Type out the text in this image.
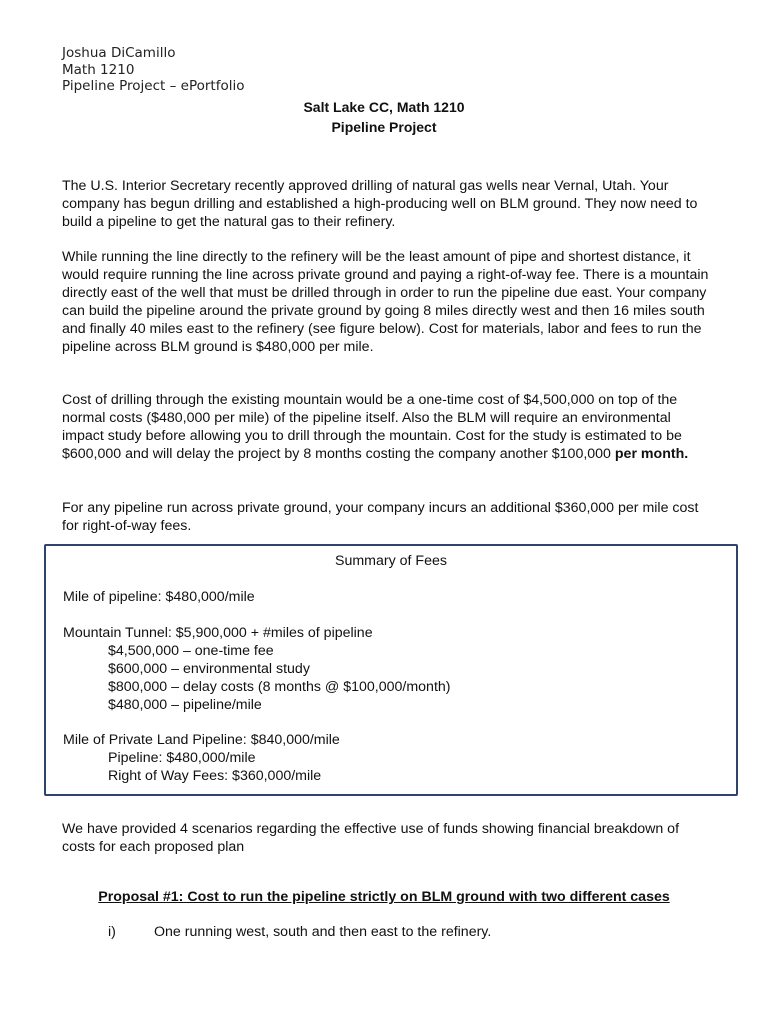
Joshua DiCamillo
Math 1210
Pipeline Project – ePortfolio
Salt Lake CC, Math 1210
Pipeline Project

The U.S. Interior Secretary recently approved drilling of natural gas wells near Vernal, Utah. Your company has begun drilling and established a high-producing well on BLM ground. They now need to build a pipeline to get the natural gas to their refinery.

While running the line directly to the refinery will be the least amount of pipe and shortest distance, it would require running the line across private ground and paying a right-of-way fee. There is a mountain directly east of the well that must be drilled through in order to run the pipeline due east. Your company can build the pipeline around the private ground by going 8 miles directly west and then 16 miles south and finally 40 miles east to the refinery (see figure below). Cost for materials, labor and fees to run the pipeline across BLM ground is $480,000 per mile.

Cost of drilling through the existing mountain would be a one-time cost of $4,500,000 on top of the normal costs ($480,000 per mile) of the pipeline itself. Also the BLM will require an environmental impact study before allowing you to drill through the mountain. Cost for the study is estimated to be $600,000 and will delay the project by 8 months costing the company another $100,000 per month.

For any pipeline run across private ground, your company incurs an additional $360,000 per mile cost for right-of-way fees.

Summary of Fees
Mile of pipeline: $480,000/mile
Mountain Tunnel: $5,900,000 + #miles of pipeline
$4,500,000 – one-time fee
$600,000 – environmental study
$800,000 – delay costs (8 months @ $100,000/month)
$480,000 – pipeline/mile
Mile of Private Land Pipeline: $840,000/mile
Pipeline: $480,000/mile
Right of Way Fees: $360,000/mile

We have provided 4 scenarios regarding the effective use of funds showing financial breakdown of costs for each proposed plan

Proposal #1: Cost to run the pipeline strictly on BLM ground with two different cases
i)	One running west, south and then east to the refinery.
